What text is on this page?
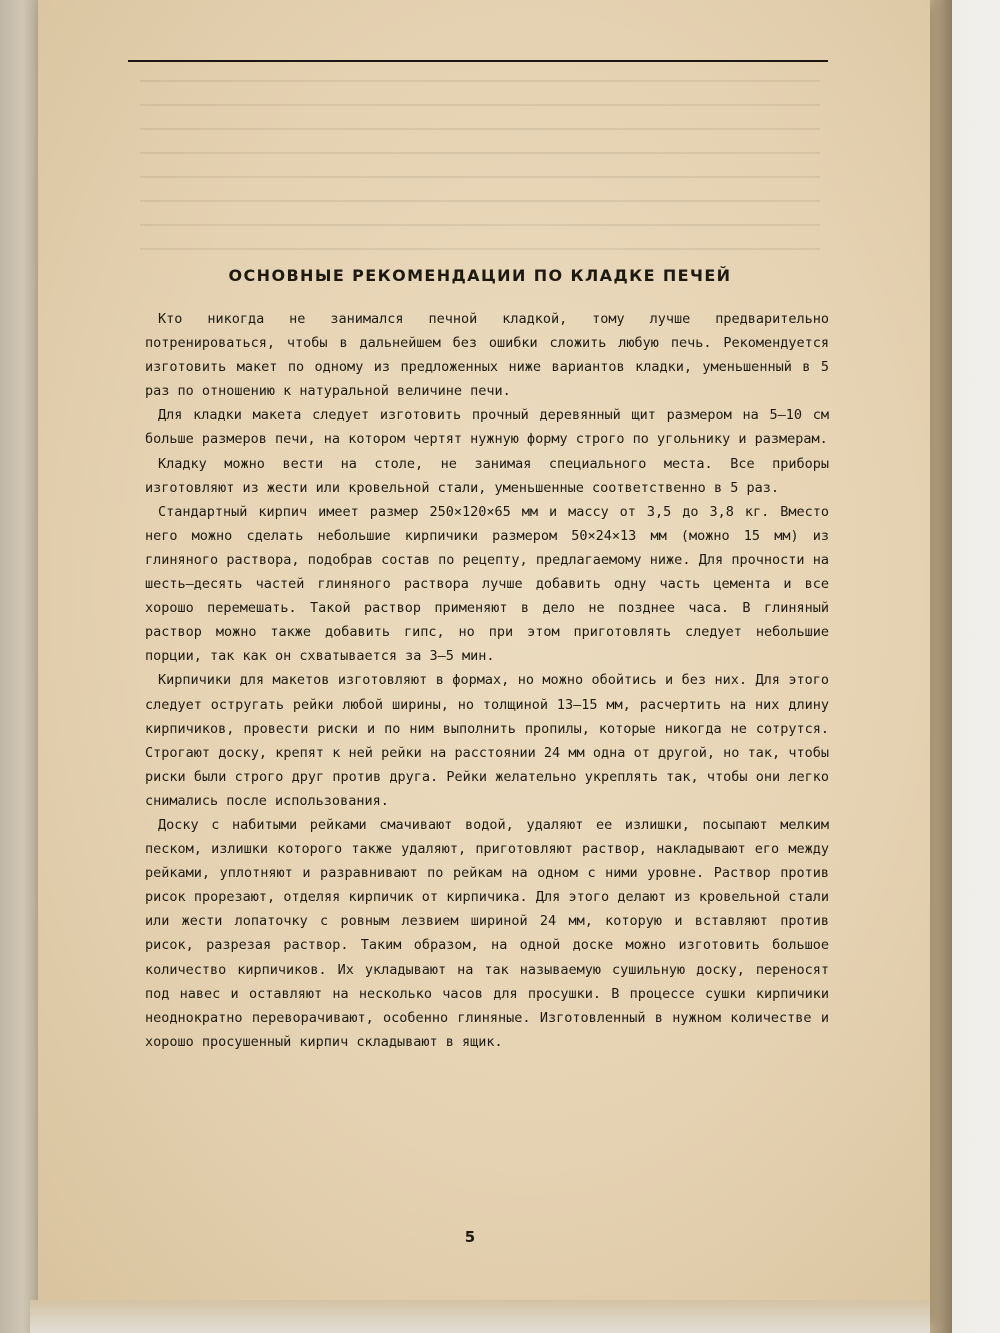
ОСНОВНЫЕ РЕКОМЕНДАЦИИ ПО КЛАДКЕ ПЕЧЕЙ

Кто никогда не занимался печной кладкой, тому лучше предварительно потренироваться, чтобы в дальнейшем без ошибки сложить любую печь. Рекомендуется изготовить макет по одному из предложенных ниже вариантов кладки, уменьшенный в 5 раз по отношению к натуральной величине печи.

Для кладки макета следует изготовить прочный деревянный щит размером на 5—10 см больше размеров печи, на котором чертят нужную форму строго по угольнику и размерам.

Кладку можно вести на столе, не занимая специального места. Все приборы изготовляют из жести или кровельной стали, уменьшенные соответственно в 5 раз.

Стандартный кирпич имеет размер 250×120×65 мм и массу от 3,5 до 3,8 кг. Вместо него можно сделать небольшие кирпичики размером 50×24×13 мм (можно 15 мм) из глиняного раствора, подобрав состав по рецепту, предлагаемому ниже. Для прочности на шесть—десять частей глиняного раствора лучше добавить одну часть цемента и все хорошо перемешать. Такой раствор применяют в дело не позднее часа. В глиняный раствор можно также добавить гипс, но при этом приготовлять следует небольшие порции, так как он схватывается за 3—5 мин.

Кирпичики для макетов изготовляют в формах, но можно обойтись и без них. Для этого следует остругать рейки любой ширины, но толщиной 13—15 мм, расчертить на них длину кирпичиков, провести риски и по ним выполнить пропилы, которые никогда не сотрутся. Строгают доску, крепят к ней рейки на расстоянии 24 мм одна от другой, но так, чтобы риски были строго друг против друга. Рейки желательно укреплять так, чтобы они легко снимались после использования.

Доску с набитыми рейками смачивают водой, удаляют ее излишки, посыпают мелким песком, излишки которого также удаляют, приготовляют раствор, накладывают его между рейками, уплотняют и разравнивают по рейкам на одном с ними уровне. Раствор против рисок прорезают, отделяя кирпичик от кирпичика. Для этого делают из кровельной стали или жести лопаточку с ровным лезвием шириной 24 мм, которую и вставляют против рисок, разрезая раствор. Таким образом, на одной доске можно изготовить большое количество кирпичиков. Их укладывают на так называемую сушильную доску, переносят под навес и оставляют на несколько часов для просушки. В процессе сушки кирпичики неоднократно переворачивают, особенно глиняные. Изготовленный в нужном количестве и хорошо просушенный кирпич складывают в ящик.

5
